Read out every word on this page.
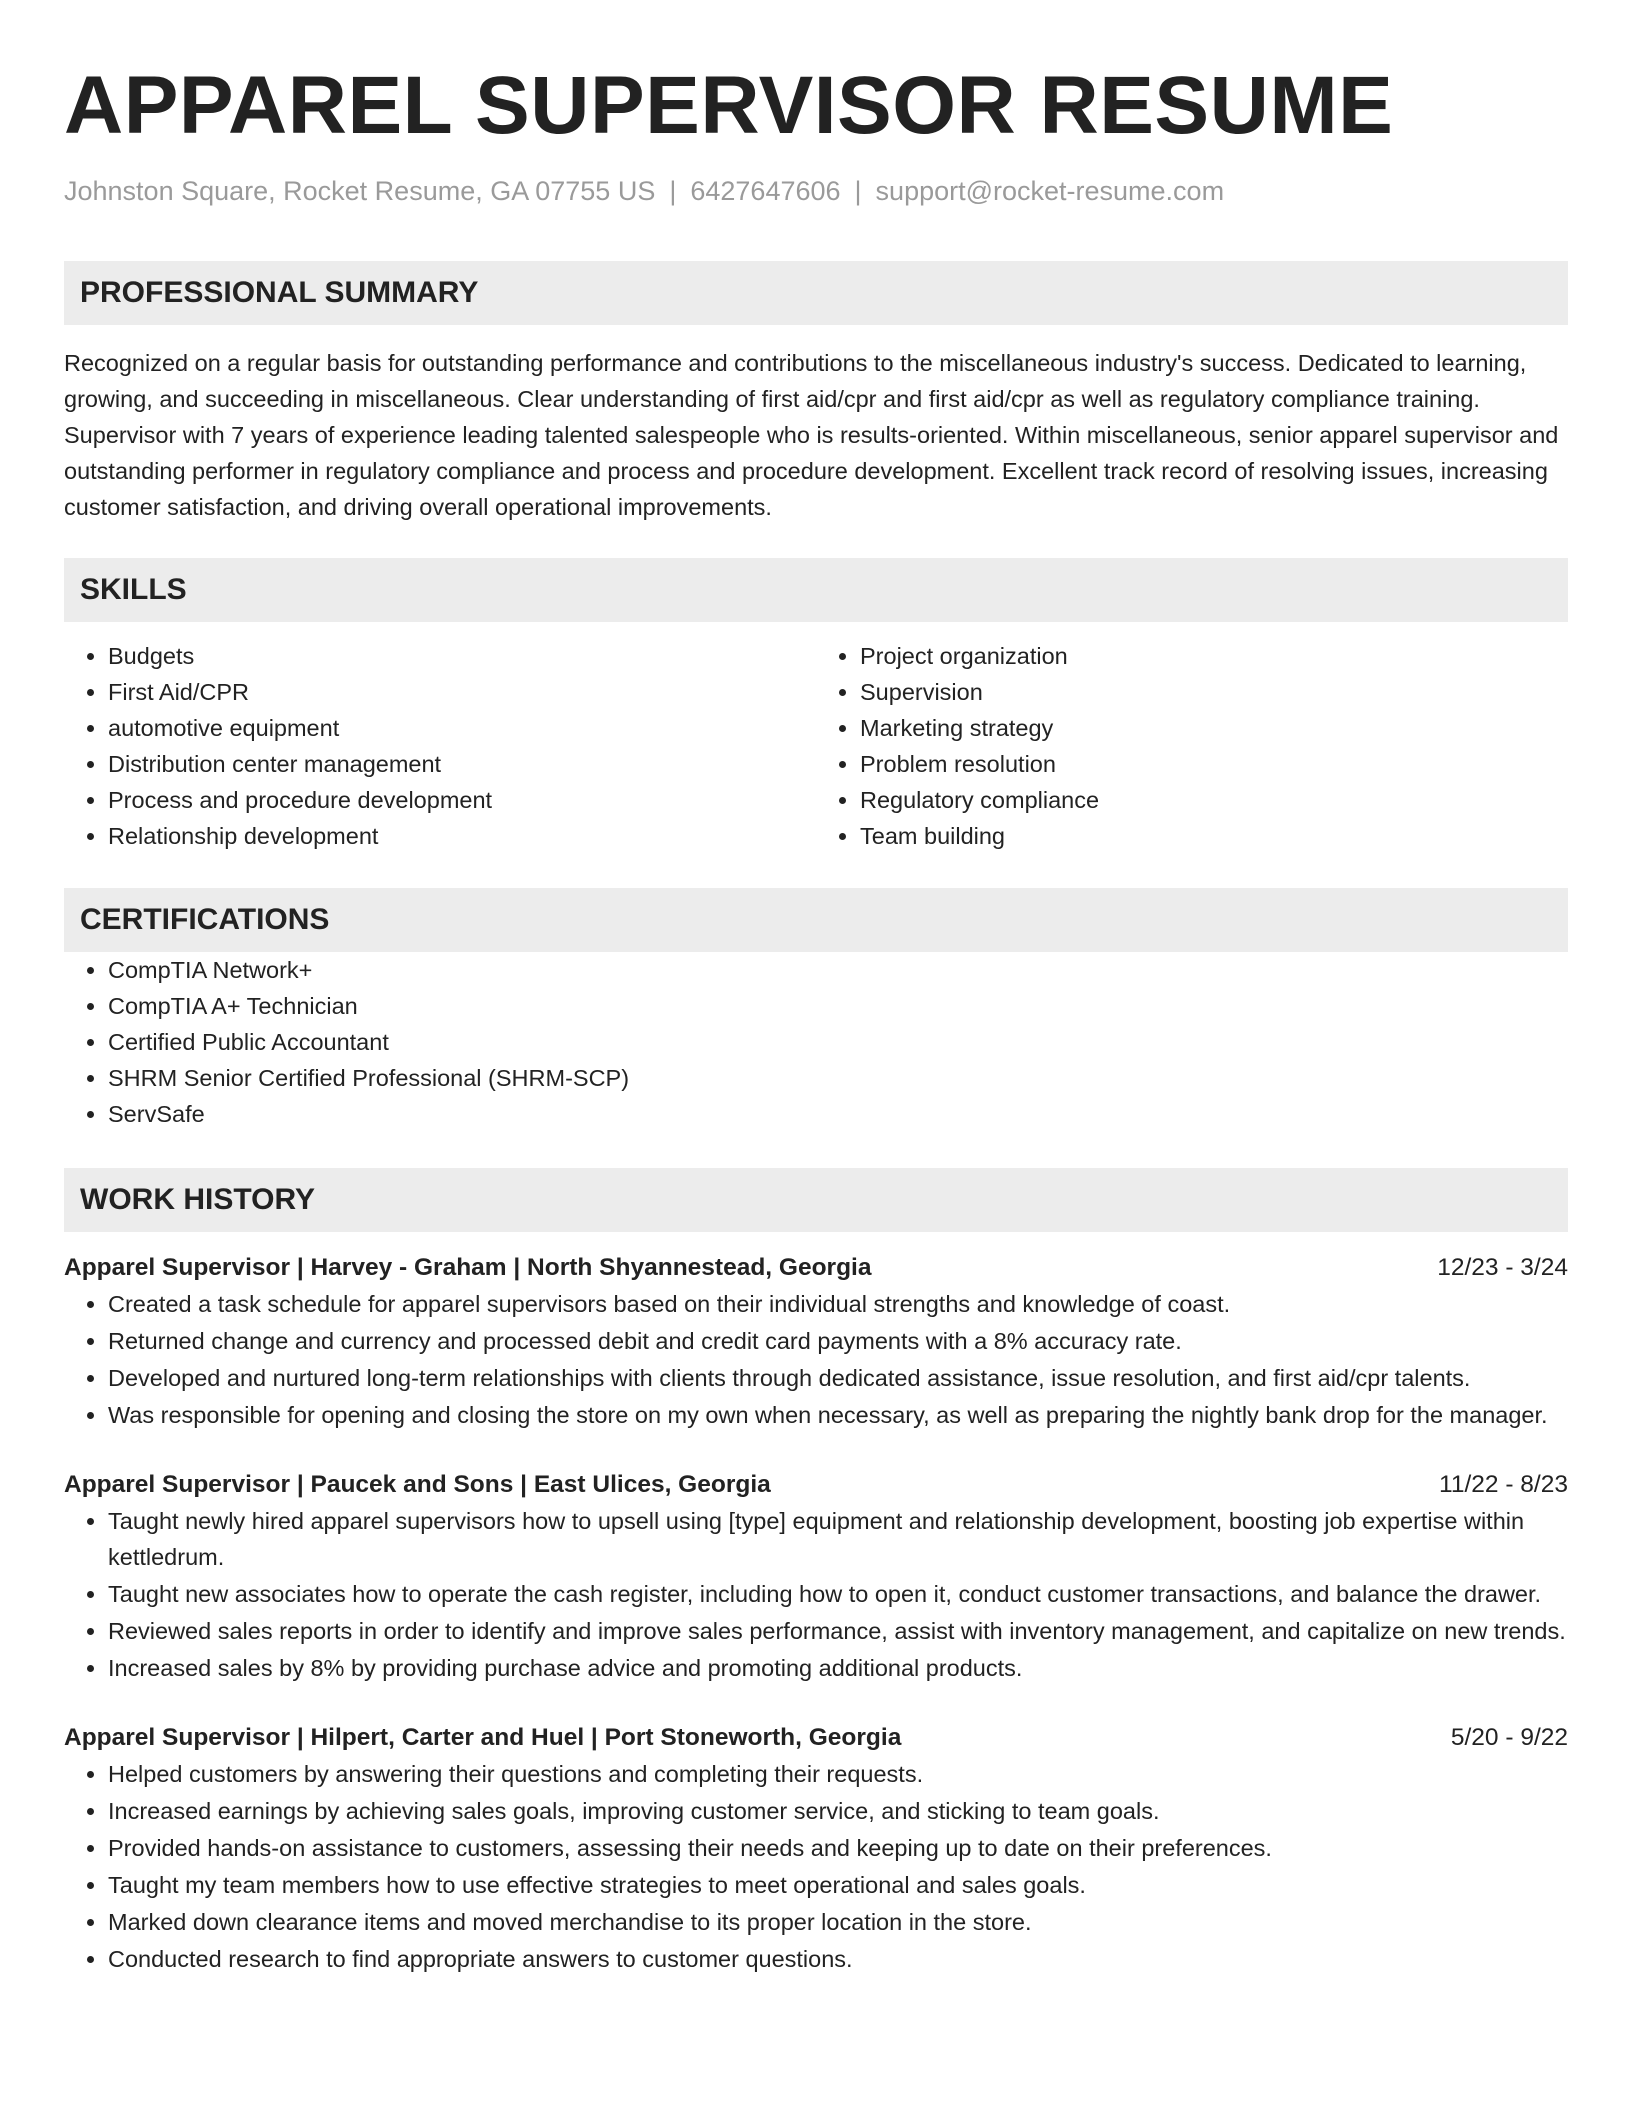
APPAREL SUPERVISOR RESUME
Johnston Square, Rocket Resume, GA 07755 US | 6427647606 | support@rocket-resume.com
PROFESSIONAL SUMMARY

Recognized on a regular basis for outstanding performance and contributions to the miscellaneous industry's success. Dedicated to learning, growing, and succeeding in miscellaneous. Clear understanding of first aid/cpr and first aid/cpr as well as regulatory compliance training. Supervisor with 7 years of experience leading talented salespeople who is results-oriented. Within miscellaneous, senior apparel supervisor and outstanding performer in regulatory compliance and process and procedure development. Excellent track record of resolving issues, increasing customer satisfaction, and driving overall operational improvements.

SKILLS
• Budgets
• First Aid/CPR
• automotive equipment
• Distribution center management
• Process and procedure development
• Relationship development
• Project organization
• Supervision
• Marketing strategy
• Problem resolution
• Regulatory compliance
• Team building
CERTIFICATIONS
• CompTIA Network+
• CompTIA A+ Technician
• Certified Public Accountant
• SHRM Senior Certified Professional (SHRM-SCP)
• ServSafe
WORK HISTORY
Apparel Supervisor | Harvey - Graham | North Shyannestead, Georgia	12/23 - 3/24
• Created a task schedule for apparel supervisors based on their individual strengths and knowledge of coast.
• Returned change and currency and processed debit and credit card payments with a 8% accuracy rate.
• Developed and nurtured long-term relationships with clients through dedicated assistance, issue resolution, and first aid/cpr talents.
• Was responsible for opening and closing the store on my own when necessary, as well as preparing the nightly bank drop for the manager.
Apparel Supervisor | Paucek and Sons | East Ulices, Georgia	11/22 - 8/23
• Taught newly hired apparel supervisors how to upsell using [type] equipment and relationship development, boosting job expertise within kettledrum.
• Taught new associates how to operate the cash register, including how to open it, conduct customer transactions, and balance the drawer.
• Reviewed sales reports in order to identify and improve sales performance, assist with inventory management, and capitalize on new trends.
• Increased sales by 8% by providing purchase advice and promoting additional products.
Apparel Supervisor | Hilpert, Carter and Huel | Port Stoneworth, Georgia	5/20 - 9/22
• Helped customers by answering their questions and completing their requests.
• Increased earnings by achieving sales goals, improving customer service, and sticking to team goals.
• Provided hands-on assistance to customers, assessing their needs and keeping up to date on their preferences.
• Taught my team members how to use effective strategies to meet operational and sales goals.
• Marked down clearance items and moved merchandise to its proper location in the store.
• Conducted research to find appropriate answers to customer questions.
